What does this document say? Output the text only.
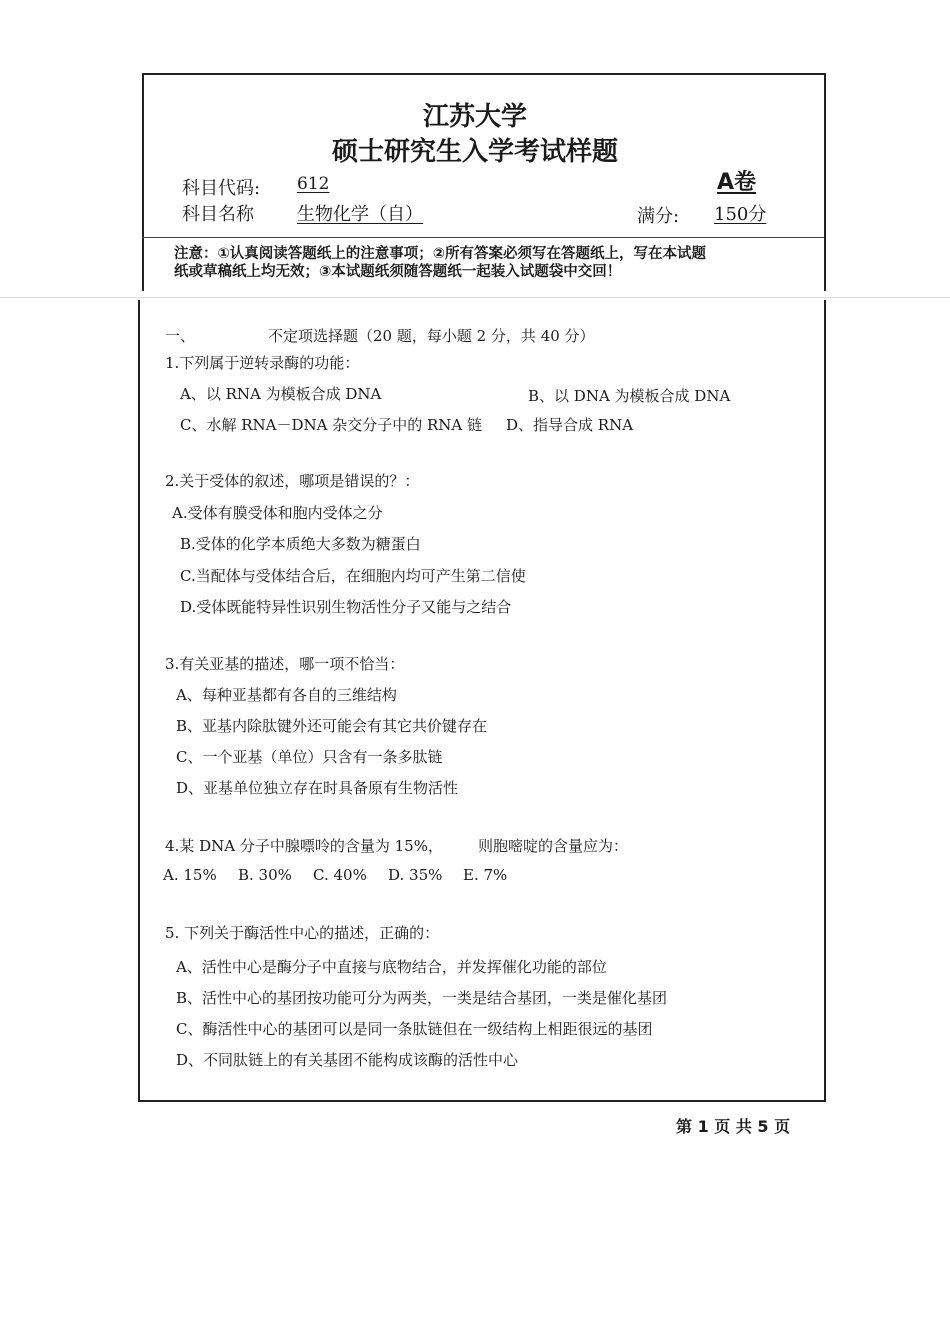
江苏大学
硕士研究生入学考试样题
科目代码: 612	A卷
科目名称 生物化学（自）	满分: 150分
注意：①认真阅读答题纸上的注意事项；②所有答案必须写在答题纸上，写在本试题
纸或草稿纸上均无效；③本试题纸须随答题纸一起装入试题袋中交回！
一、	不定项选择题（20 题，每小题 2 分，共 40 分）
1.下列属于逆转录酶的功能：
A、以 RNA 为模板合成 DNA	B、以 DNA 为模板合成 DNA
C、水解 RNA－DNA 杂交分子中的 RNA 链 D、指导合成 RNA
2.关于受体的叙述，哪项是错误的？：
A.受体有膜受体和胞内受体之分
B.受体的化学本质绝大多数为糖蛋白
C.当配体与受体结合后，在细胞内均可产生第二信使
D.受体既能特异性识别生物活性分子又能与之结合
3.有关亚基的描述，哪一项不恰当：
A、每种亚基都有各自的三维结构
B、亚基内除肽键外还可能会有其它共价键存在
C、一个亚基（单位）只含有一条多肽链
D、亚基单位独立存在时具备原有生物活性
4.某 DNA 分子中腺嘌呤的含量为 15%， 则胞嘧啶的含量应为：
A. 15% B. 30% C. 40% D. 35% E. 7%
5. 下列关于酶活性中心的描述，正确的：
A、活性中心是酶分子中直接与底物结合，并发挥催化功能的部位
B、活性中心的基团按功能可分为两类，一类是结合基团，一类是催化基团
C、酶活性中心的基团可以是同一条肽链但在一级结构上相距很远的基团
D、不同肽链上的有关基团不能构成该酶的活性中心
第 1 页 共 5 页
